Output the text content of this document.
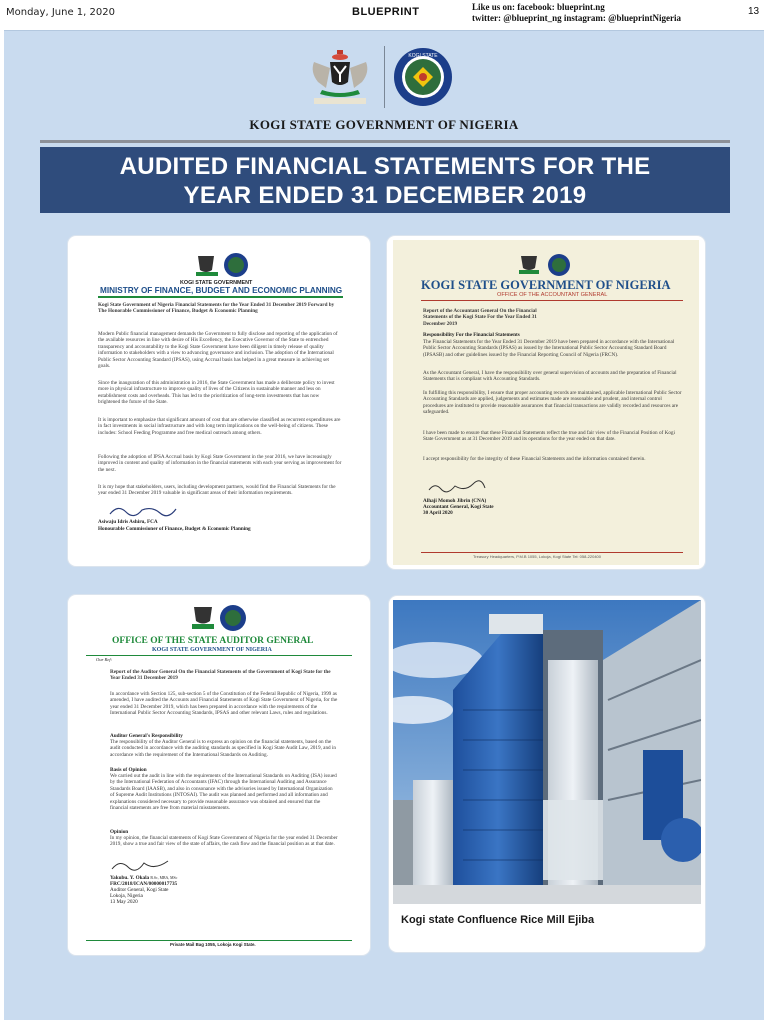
Monday, June 1, 2020	BLUEPRINT	Like us on: facebook: blueprint.ng
twitter: @blueprint_ng instagram: @blueprintNigeria
13
KOGI STATE
KOGI STATE GOVERNMENT OF NIGERIA
AUDITED FINANCIAL STATEMENTS FOR THE
YEAR ENDED 31 DECEMBER 2019
KOGI STATE GOVERNMENT
MINISTRY OF FINANCE, BUDGET AND ECONOMIC PLANNING
Kogi State Government of Nigeria Financial Statements for the Year Ended 31 December 2019 Forward by The Honorable Commissioner of Finance, Budget & Economic Planning
Modern Public financial management demands the Government to fully disclose and reporting of the application of the available resources in line with desire of His Excellency, the Executive Governor of the State to entrenched transparency and accountability to the Kogi State Government have been diligent in timely release of quality information to stakeholders with a view to advancing governance and inclusion. The adoption of the International Public Sector Accounting Standard (IPSAS), using Accrual basis has helped in a great measure in achieving set goals.
Since the inauguration of this administration in 2016, the State Government has made a deliberate policy to invest more in physical infrastructure to improve quality of lives of the Citizens in sustainable manner and less on establishment costs and overheads. This has led to the prioritization of long-term investments that has now brightened the future of the State.
It is important to emphasize that significant amount of cost that are otherwise classified as recurrent expenditures are in fact investments in social infrastructure and with long term implications on the well-being of citizens. These includes: School Feeding Programme and free medical outreach among others.
Following the adoption of IPSA Accrual basis by Kogi State Government in the year 2016, we have increasingly improved in content and quality of information in the financial statements with each year serving as improvement for the next.
It is my hope that stakeholders, users, including development partners, would find the Financial Statements for the year ended 31 December 2019 valuable in significant areas of their information requirements.
Asiwaju Idris Ashiru, FCA
Honourable Commissioner of Finance, Budget & Economic Planning
KOGI STATE GOVERNMENT OF NIGERIA
OFFICE OF THE ACCOUNTANT GENERAL
Report of the Accountant General On the Financial Statements of the Kogi State For the Year Ended 31 December 2019
Responsibility For the Financial Statements
The Financial Statements for the Year Ended 31 December 2019 have been prepared in accordance with the International Public Sector Accounting Standards (IPSAS) as issued by the International Public Sector Accounting Standard Board (IPSASB) and other guidelines issued by the Financial Reporting Council of Nigeria (FRCN).
As the Accountant General, I have the responsibility over general supervision of accounts and the preparation of Financial Statements that is compliant with Accounting Standards.
In fulfilling this responsibility, I ensure that proper accounting records are maintained, applicable International Public Sector Accounting Standards are applied, judgements and estimates made are reasonable and prudent, and internal control procedures are instituted to provide reasonable assurances that financial transactions are validly recorded and resources are safeguarded.
I have been made to ensure that these Financial Statements reflect the true and fair view of the Financial Position of Kogi State Government as at 31 December 2019 and its operations for the year ended on that date.
I accept responsibility for the integrity of these Financial Statements and the information contained therein.
Alhaji Momoh Jibrin (CNA)
Accountant General, Kogi State
30 April 2020
Treasury Headquarters, P.M.B 1055, Lokoja, Kogi State Tel: 058-220400
OFFICE OF THE STATE AUDITOR GENERAL
KOGI STATE GOVERNMENT OF NIGERIA
Our Ref:
Report of the Auditor General On the Financial Statements of the Government of Kogi State for the Year Ended 31 December 2019
In accordance with Section 125, sub-section 5 of the Constitution of the Federal Republic of Nigeria, 1999 as amended, I have audited the Accounts and Financial Statements of Kogi State Government of Nigeria, for the year ended 31 December 2019, which has been prepared in accordance with the requirements of the International Public Sector Accounting Standards, IPSAS and other relevant Laws, rules and regulations.
Auditor General's Responsibility
The responsibility of the Auditor General is to express an opinion on the financial statements, based on the audit conducted in accordance with the auditing standards as specified in Kogi State Audit Law, 2019, and in accordance with the requirement of the International Standards on Auditing.
Basis of Opinion
We carried out the audit in line with the requirements of the International Standards on Auditing (ISA) issued by the International Federation of Accountants (IFAC) through the International Auditing and Assurance Standards Board (IAASB), and also in consonance with the advisories issued by International Organization of Supreme Audit Institutions (INTOSAI). The audit was planned and performed and all information and explanations considered necessary to provide reasonable assurance was obtained and ensured that the financial statements are free from material misstatements.
Opinion
In my opinion, the financial statements of Kogi State Government of Nigeria for the year ended 31 December 2019, show a true and fair view of the state of affairs, the cash flow and the financial position as at that date.
Yakubu. Y. Okala B.Sc, MBA, MSc
FRC/2018/ICAN/00000017735
Auditor General, Kogi State
Lokoja, Nigeria
13 May 2020
Private Mail Bag 1055, Lokoja Kogi State.
Kogi state Confluence Rice Mill Ejiba
